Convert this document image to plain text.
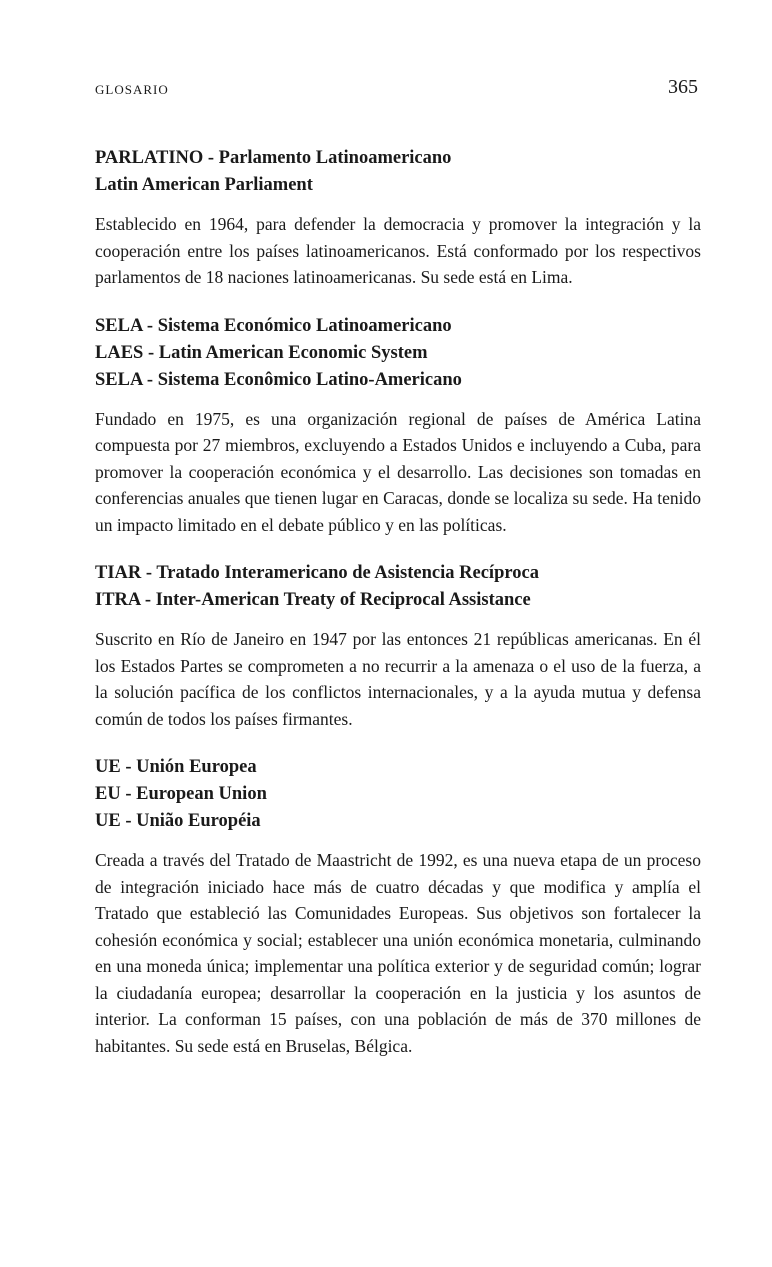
GLOSARIO	365
PARLATINO - Parlamento Latinoamericano
Latin American Parliament

Establecido en 1964, para defender la democracia y promover la integración y la cooperación entre los países latinoamericanos. Está conformado por los respectivos parlamentos de 18 naciones latinoamericanas. Su sede está en Lima.

SELA - Sistema Económico Latinoamericano
LAES - Latin American Economic System
SELA - Sistema Econômico Latino-Americano

Fundado en 1975, es una organización regional de países de América Latina compuesta por 27 miembros, excluyendo a Estados Unidos e incluyendo a Cuba, para promover la cooperación económica y el desarrollo. Las decisiones son tomadas en conferencias anuales que tienen lugar en Caracas, donde se localiza su sede. Ha tenido un impacto limitado en el debate público y en las políticas.

TIAR - Tratado Interamericano de Asistencia Recíproca
ITRA - Inter-American Treaty of Reciprocal Assistance

Suscrito en Río de Janeiro en 1947 por las entonces 21 repúblicas americanas. En él los Estados Partes se comprometen a no recurrir a la amenaza o el uso de la fuerza, a la solución pacífica de los conflictos internacionales, y a la ayuda mutua y defensa común de todos los países firmantes.

UE - Unión Europea
EU - European Union
UE - União Européia

Creada a través del Tratado de Maastricht de 1992, es una nueva etapa de un proceso de integración iniciado hace más de cuatro décadas y que modifica y amplía el Tratado que estableció las Comunidades Europeas. Sus objetivos son fortalecer la cohesión económica y social; establecer una unión económica monetaria, culminando en una moneda única; implementar una política exterior y de seguridad común; lograr la ciudadanía europea; desarrollar la cooperación en la justicia y los asuntos de interior. La conforman 15 países, con una población de más de 370 millones de habitantes. Su sede está en Bruselas, Bélgica.
